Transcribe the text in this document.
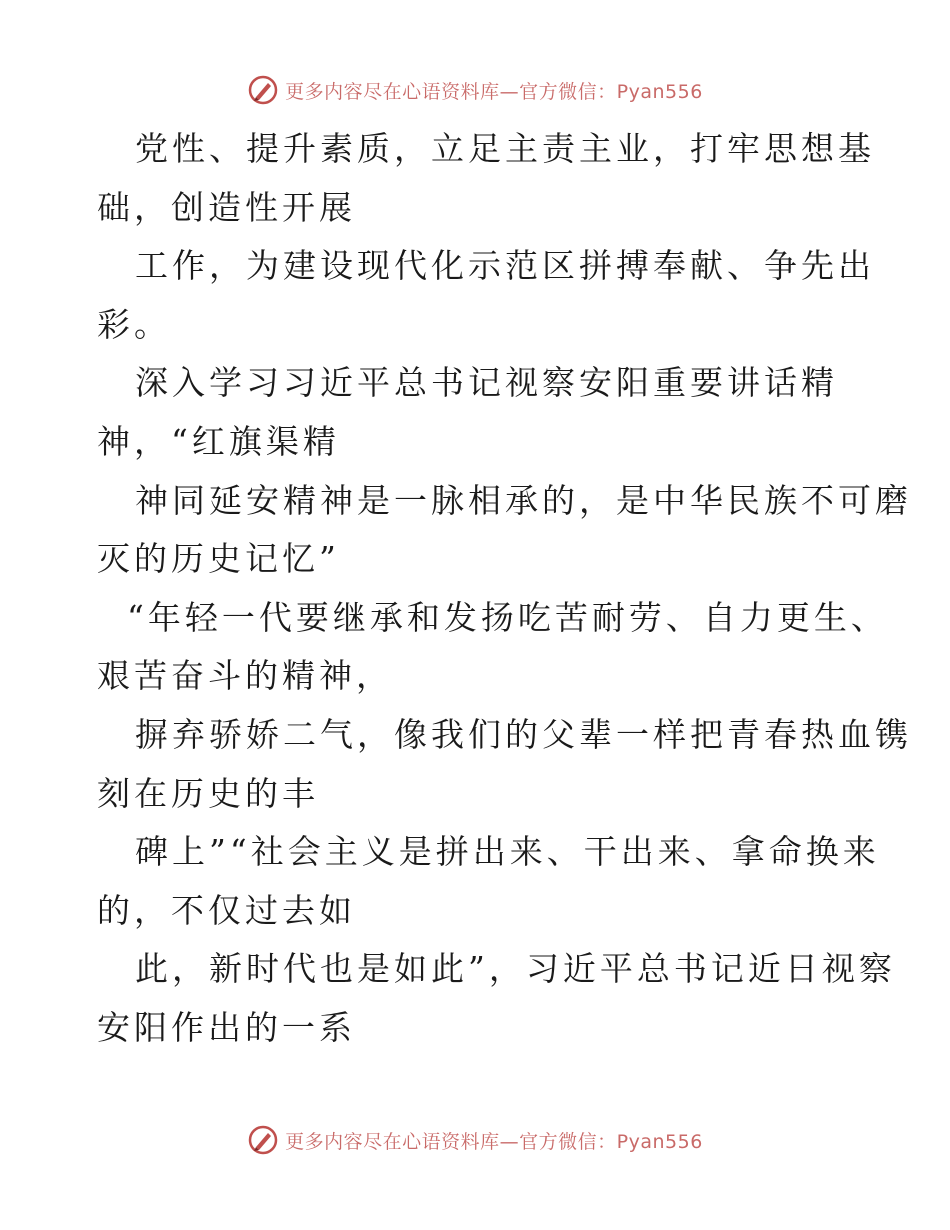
更多内容尽在心语资料库—官方微信：Pyan556
党性、提升素质，立足主责主业，打牢思想基
础，创造性开展
工作，为建设现代化示范区拼搏奉献、争先出
彩。
深入学习习近平总书记视察安阳重要讲话精
神，“红旗渠精
神同延安精神是一脉相承的，是中华民族不可磨
灭的历史记忆”
“年轻一代要继承和发扬吃苦耐劳、自力更生、
艰苦奋斗的精神，
摒弃骄娇二气，像我们的父辈一样把青春热血镌
刻在历史的丰
碑上”“社会主义是拼出来、干出来、拿命换来
的，不仅过去如
此，新时代也是如此”，习近平总书记近日视察
安阳作出的一系
更多内容尽在心语资料库—官方微信：Pyan556
